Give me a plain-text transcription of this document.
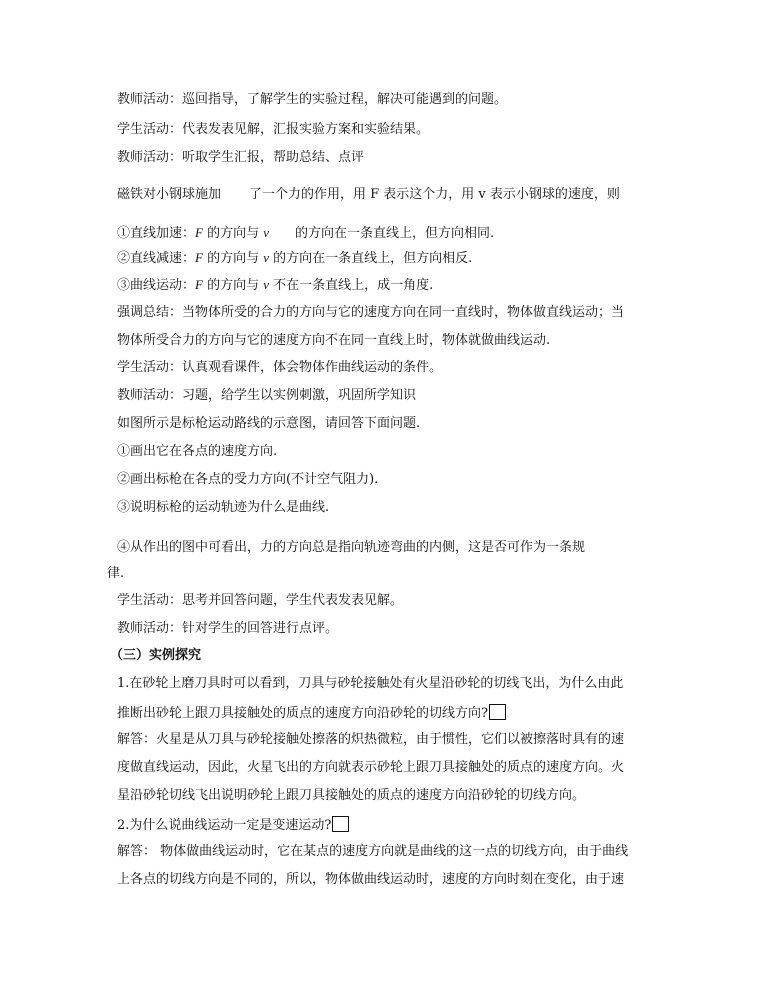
教师活动：巡回指导，了解学生的实验过程，解决可能遇到的问题。
学生活动：代表发表见解，汇报实验方案和实验结果。
教师活动：听取学生汇报，帮助总结、点评
磁铁对小钢球施加 了一个力的作用，用 F 表示这个力，用 v 表示小钢球的速度，则
①直线加速：F 的方向与 v 的方向在一条直线上，但方向相同.
②直线减速：F 的方向与 v 的方向在一条直线上，但方向相反.
③曲线运动：F 的方向与 v 不在一条直线上，成一角度.
强调总结：当物体所受的合力的方向与它的速度方向在同一直线时，物体做直线运动；当
物体所受合力的方向与它的速度方向不在同一直线上时，物体就做曲线运动.
学生活动：认真观看课件，体会物体作曲线运动的条件。
教师活动：习题，给学生以实例刺激，巩固所学知识
如图所示是标枪运动路线的示意图，请回答下面问题.
①画出它在各点的速度方向.
②画出标枪在各点的受力方向(不计空气阻力).
③说明标枪的运动轨迹为什么是曲线.
④从作出的图中可看出，力的方向总是指向轨迹弯曲的内侧，这是否可作为一条规
律.
学生活动：思考并回答问题，学生代表发表见解。
教师活动：针对学生的回答进行点评。
（三）实例探究
1.在砂轮上磨刀具时可以看到，刀具与砂轮接触处有火星沿砂轮的切线飞出，为什么由此
推断出砂轮上跟刀具接触处的质点的速度方向沿砂轮的切线方向?
解答：火星是从刀具与砂轮接触处擦落的炽热微粒，由于惯性，它们以被擦落时具有的速
度做直线运动，因此，火星飞出的方向就表示砂轮上跟刀具接触处的质点的速度方向。火
星沿砂轮切线飞出说明砂轮上跟刀具接触处的质点的速度方向沿砂轮的切线方向。
2.为什么说曲线运动一定是变速运动?
解答： 物体做曲线运动时，它在某点的速度方向就是曲线的这一点的切线方向，由于曲线
上各点的切线方向是不同的，所以，物体做曲线运动时，速度的方向时刻在变化，由于速
